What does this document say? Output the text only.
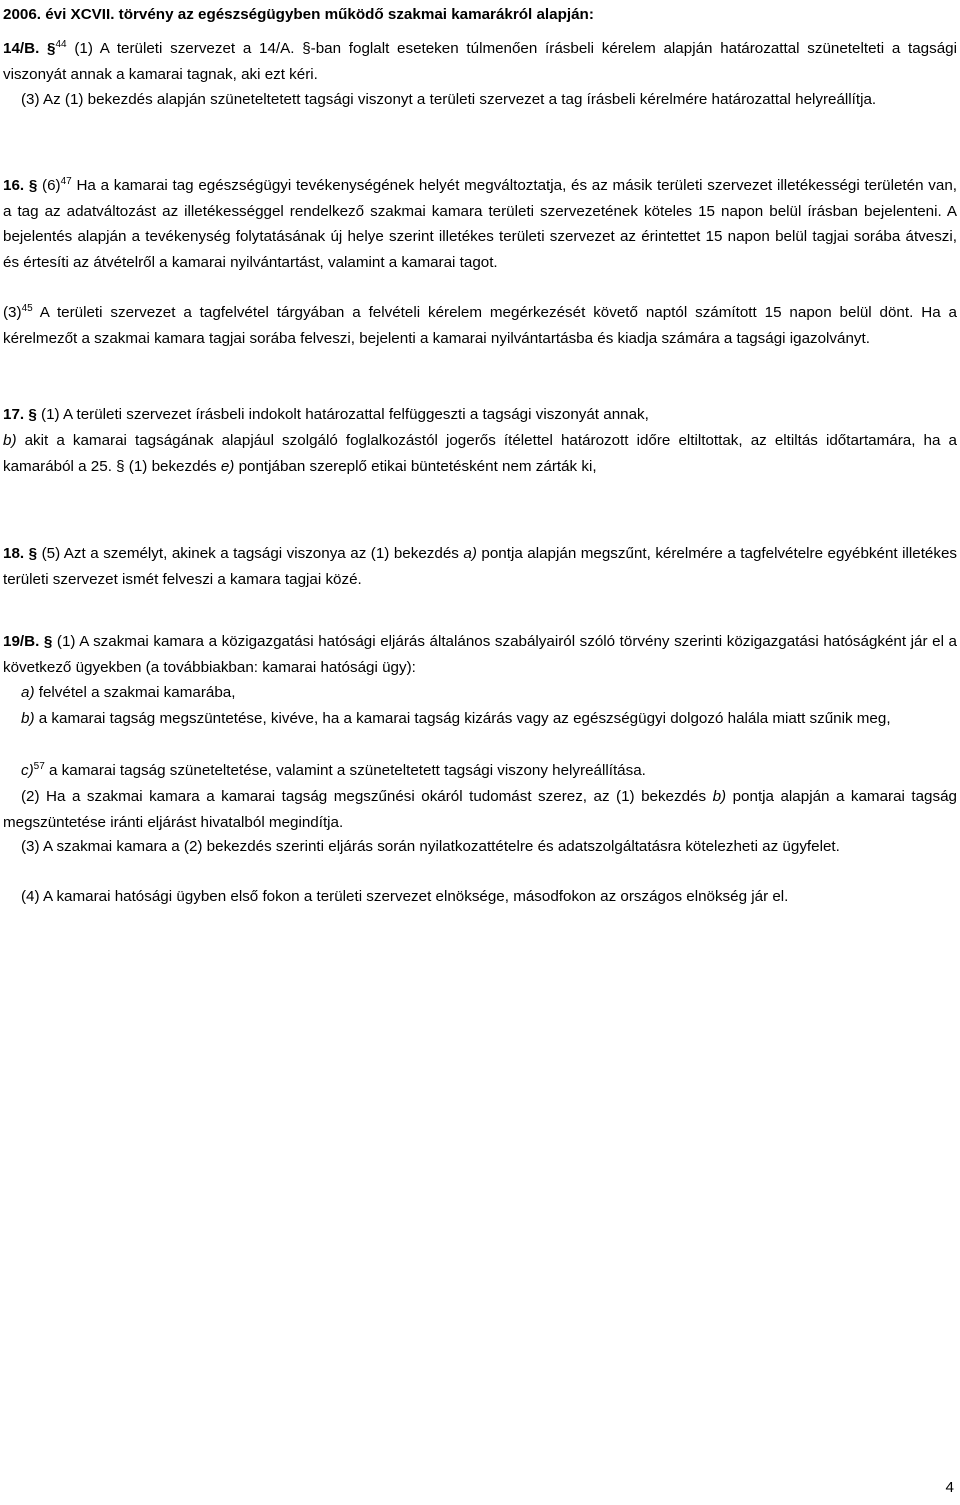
2006. évi XCVII. törvény az egészségügyben működő szakmai kamarákról alapján:

14/B. §$^{44}$ (1) A területi szervezet a 14/A. §-ban foglalt eseteken túlmenően írásbeli kérelem alapján határozattal szünetelteti a tagsági viszonyát annak a kamarai tagnak, aki ezt kéri.

(3) Az (1) bekezdés alapján szüneteltetett tagsági viszonyt a területi szervezet a tag írásbeli kérelmére határozattal helyreállítja.

16. § $(6)^{47}$ Ha a kamarai tag egészségügyi tevékenységének helyét megváltoztatja, és az másik területi szervezet illetékességi területén van, a tag az adatváltozást az illetékességgel rendelkező szakmai kamara területi szervezetének köteles 15 napon belül írásban bejelenteni. A bejelentés alapján a tevékenység folytatásának új helye szerint illetékes területi szervezet az érintettet 15 napon belül tagjai sorába átveszi, és értesíti az átvételről a kamarai nyilvántartást, valamint a kamarai tagot.

$(3)^{45}$ A területi szervezet a tagfelvétel tárgyában a felvételi kérelem megérkezését követő naptól számított 15 napon belül dönt. Ha a kérelmezőt a szakmai kamara tagjai sorába felveszi, bejelenti a kamarai nyilvántartásba és kiadja számára a tagsági igazolványt.

17. § (1) A területi szervezet írásbeli indokolt határozattal felfüggeszti a tagsági viszonyát annak,

b) akit a kamarai tagságának alapjául szolgáló foglalkozástól jogerős ítélettel határozott időre eltiltottak, az eltiltás időtartamára, ha a kamarából a 25. § (1) bekezdés e) pontjában szereplő etikai büntetésként nem zárták ki,

18. § (5) Azt a személyt, akinek a tagsági viszonya az (1) bekezdés a) pontja alapján megszűnt, kérelmére a tagfelvételre egyébként illetékes területi szervezet ismét felveszi a kamara tagjai közé.

19/B. § (1) A szakmai kamara a közigazgatási hatósági eljárás általános szabályairól szóló törvény szerinti közigazgatási hatóságként jár el a következő ügyekben (a továbbiakban: kamarai hatósági ügy):

a) felvétel a szakmai kamarába,

b) a kamarai tagság megszüntetése, kivéve, ha a kamarai tagság kizárás vagy az egészségügyi dolgozó halála miatt szűnik meg,

c)$^{57}$ a kamarai tagság szüneteltetése, valamint a szüneteltetett tagsági viszony helyreállítása.

(2) Ha a szakmai kamara a kamarai tagság megszűnési okáról tudomást szerez, az (1) bekezdés b) pontja alapján a kamarai tagság megszüntetése iránti eljárást hivatalból megindítja.

(3) A szakmai kamara a (2) bekezdés szerinti eljárás során nyilatkozattételre és adatszolgáltatásra kötelezheti az ügyfelet.

(4) A kamarai hatósági ügyben első fokon a területi szervezet elnöksége, másodfokon az országos elnökség jár el.

4
